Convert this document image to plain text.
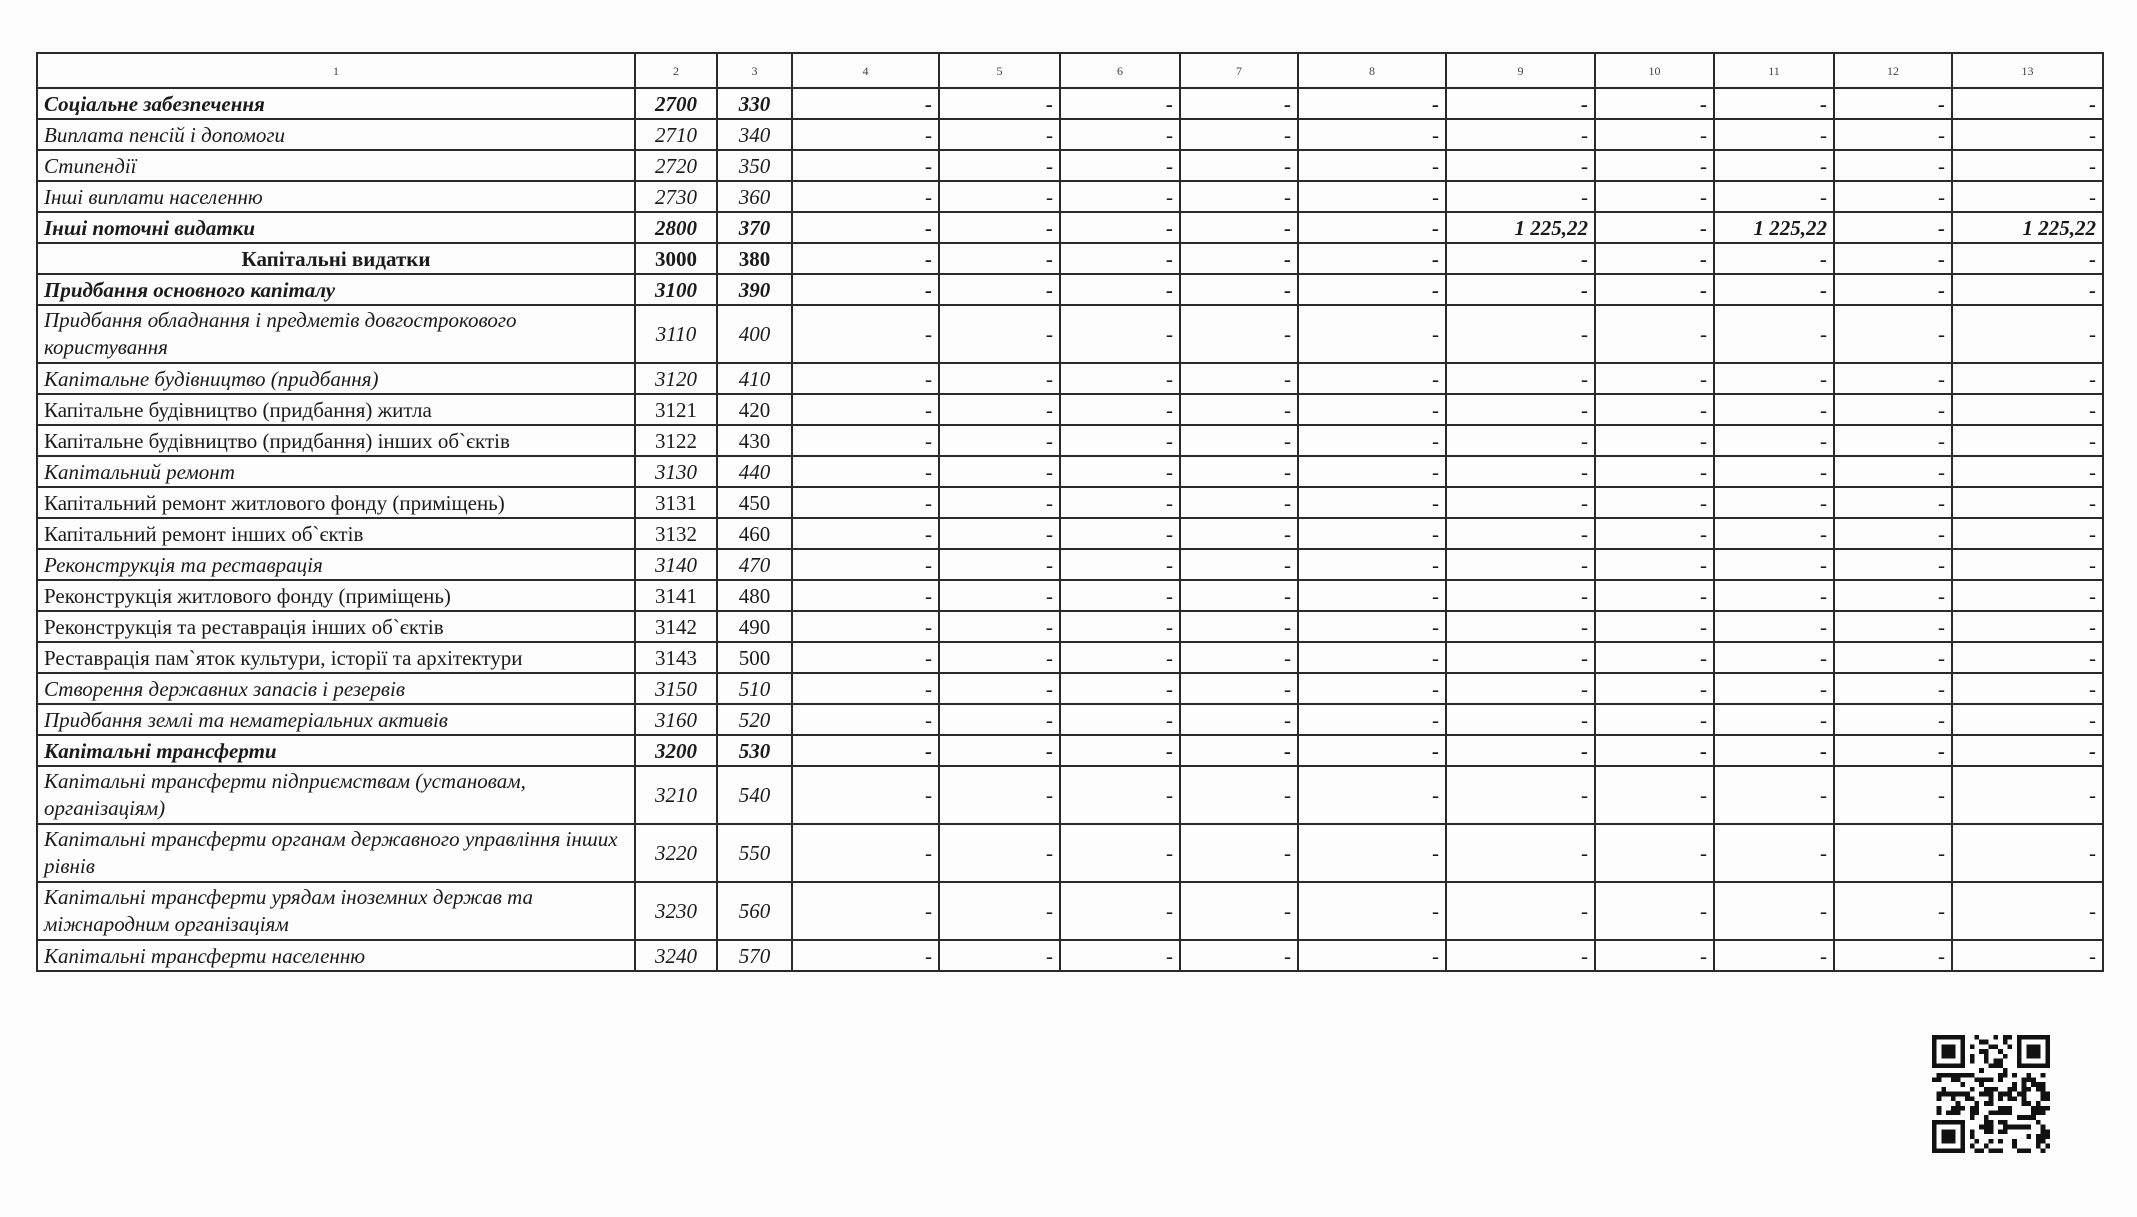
1	2	3	4	5	6	7	8	9	10	11	12	13
Соціальне забезпечення	2700	330	-	-	-	-	-	-	-	-	-	-
Виплата пенсій і допомоги	2710	340	-	-	-	-	-	-	-	-	-	-
Стипендії	2720	350	-	-	-	-	-	-	-	-	-	-
Інші виплати населенню	2730	360	-	-	-	-	-	-	-	-	-	-
Інші поточні видатки	2800	370	-	-	-	-	-	1 225,22	-	1 225,22	-	1 225,22
Капітальні видатки	3000	380	-	-	-	-	-	-	-	-	-	-
Придбання основного капіталу	3100	390	-	-	-	-	-	-	-	-	-	-
Придбання обладнання і предметів довгострокового користування	3110	400	-	-	-	-	-	-	-	-	-	-
Капітальне будівництво (придбання)	3120	410	-	-	-	-	-	-	-	-	-	-
Капітальне будівництво (придбання) житла	3121	420	-	-	-	-	-	-	-	-	-	-
Капітальне будівництво (придбання) інших об`єктів	3122	430	-	-	-	-	-	-	-	-	-	-
Капітальний ремонт	3130	440	-	-	-	-	-	-	-	-	-	-
Капітальний ремонт житлового фонду (приміщень)	3131	450	-	-	-	-	-	-	-	-	-	-
Капітальний ремонт інших об`єктів	3132	460	-	-	-	-	-	-	-	-	-	-
Реконструкція та реставрація	3140	470	-	-	-	-	-	-	-	-	-	-
Реконструкція житлового фонду (приміщень)	3141	480	-	-	-	-	-	-	-	-	-	-
Реконструкція та реставрація інших об`єктів	3142	490	-	-	-	-	-	-	-	-	-	-
Реставрація пам`яток культури, історії та архітектури	3143	500	-	-	-	-	-	-	-	-	-	-
Створення державних запасів і резервів	3150	510	-	-	-	-	-	-	-	-	-	-
Придбання землі та нематеріальних активів	3160	520	-	-	-	-	-	-	-	-	-	-
Капітальні трансферти	3200	530	-	-	-	-	-	-	-	-	-	-
Капітальні трансферти підприємствам (установам, організаціям)	3210	540	-	-	-	-	-	-	-	-	-	-
Капітальні трансферти органам державного управління інших рівнів	3220	550	-	-	-	-	-	-	-	-	-	-
Капітальні трансферти урядам іноземних держав та міжнародним організаціям	3230	560	-	-	-	-	-	-	-	-	-	-
Капітальні трансферти населенню	3240	570	-	-	-	-	-	-	-	-	-	-
